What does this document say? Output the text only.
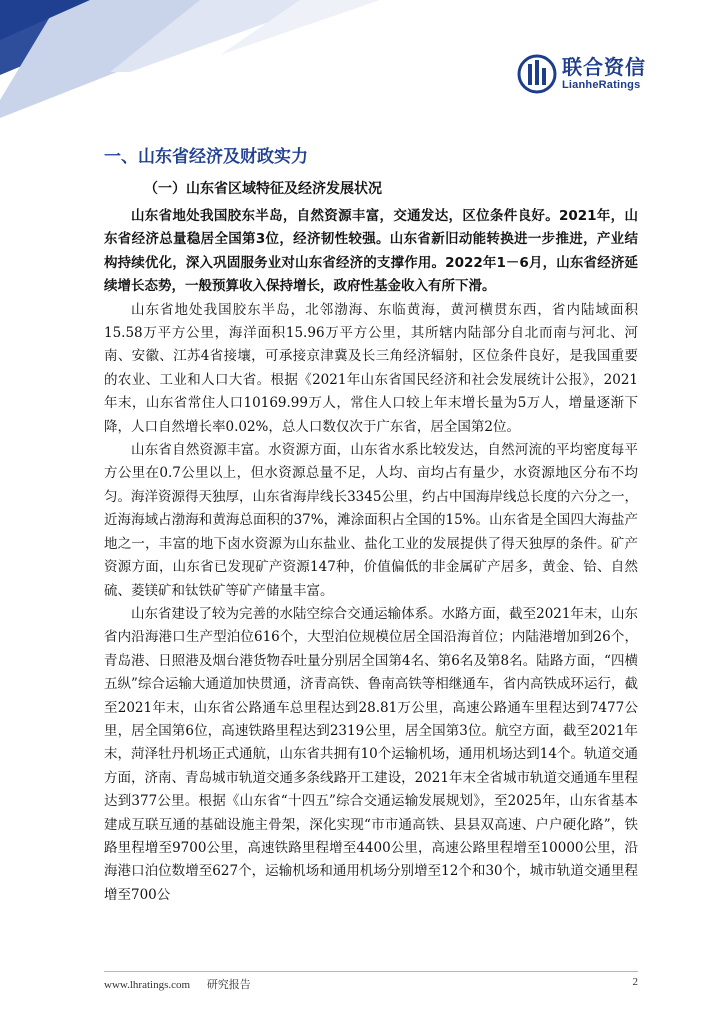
联合资信
LianheRatings
一、山东省经济及财政实力
（一）山东省区域特征及经济发展状况

山东省地处我国胶东半岛，自然资源丰富，交通发达，区位条件良好。2021年，山东省经济总量稳居全国第3位，经济韧性较强。山东省新旧动能转换进一步推进，产业结构持续优化，深入巩固服务业对山东省经济的支撑作用。2022年1－6月，山东省经济延续增长态势，一般预算收入保持增长，政府性基金收入有所下滑。

山东省地处我国胶东半岛，北邻渤海、东临黄海，黄河横贯东西，省内陆域面积15.58万平方公里，海洋面积15.96万平方公里，其所辖内陆部分自北而南与河北、河南、安徽、江苏4省接壤，可承接京津冀及长三角经济辐射，区位条件良好，是我国重要的农业、工业和人口大省。根据《2021年山东省国民经济和社会发展统计公报》，2021年末，山东省常住人口10169.99万人，常住人口较上年末增长量为5万人，增量逐渐下降，人口自然增长率0.02%，总人口数仅次于广东省，居全国第2位。

山东省自然资源丰富。水资源方面，山东省水系比较发达，自然河流的平均密度每平方公里在0.7公里以上，但水资源总量不足，人均、亩均占有量少，水资源地区分布不均匀。海洋资源得天独厚，山东省海岸线长3345公里，约占中国海岸线总长度的六分之一，近海海域占渤海和黄海总面积的37%，滩涂面积占全国的15%。山东省是全国四大海盐产地之一，丰富的地下卤水资源为山东盐业、盐化工业的发展提供了得天独厚的条件。矿产资源方面，山东省已发现矿产资源147种，价值偏低的非金属矿产居多，黄金、铪、自然硫、菱镁矿和钛铁矿等矿产储量丰富。

山东省建设了较为完善的水陆空综合交通运输体系。水路方面，截至2021年末，山东省内沿海港口生产型泊位616个，大型泊位规模位居全国沿海首位；内陆港增加到26个，青岛港、日照港及烟台港货物吞吐量分别居全国第4名、第6名及第8名。陆路方面，“四横五纵”综合运输大通道加快贯通，济青高铁、鲁南高铁等相继通车，省内高铁成环运行，截至2021年末，山东省公路通车总里程达到28.81万公里，高速公路通车里程达到7477公里，居全国第6位，高速铁路里程达到2319公里，居全国第3位。航空方面，截至2021年末，菏泽牡丹机场正式通航，山东省共拥有10个运输机场，通用机场达到14个。轨道交通方面，济南、青岛城市轨道交通多条线路开工建设，2021年末全省城市轨道交通通车里程达到377公里。根据《山东省“十四五”综合交通运输发展规划》，至2025年，山东省基本建成互联互通的基础设施主骨架，深化实现“市市通高铁、县县双高速、户户硬化路”，铁路里程增至9700公里，高速铁路里程增至4400公里，高速公路里程增至10000公里，沿海港口泊位数增至627个，运输机场和通用机场分别增至12个和30个，城市轨道交通里程增至700公

www.lhratings.com 研究报告	2
